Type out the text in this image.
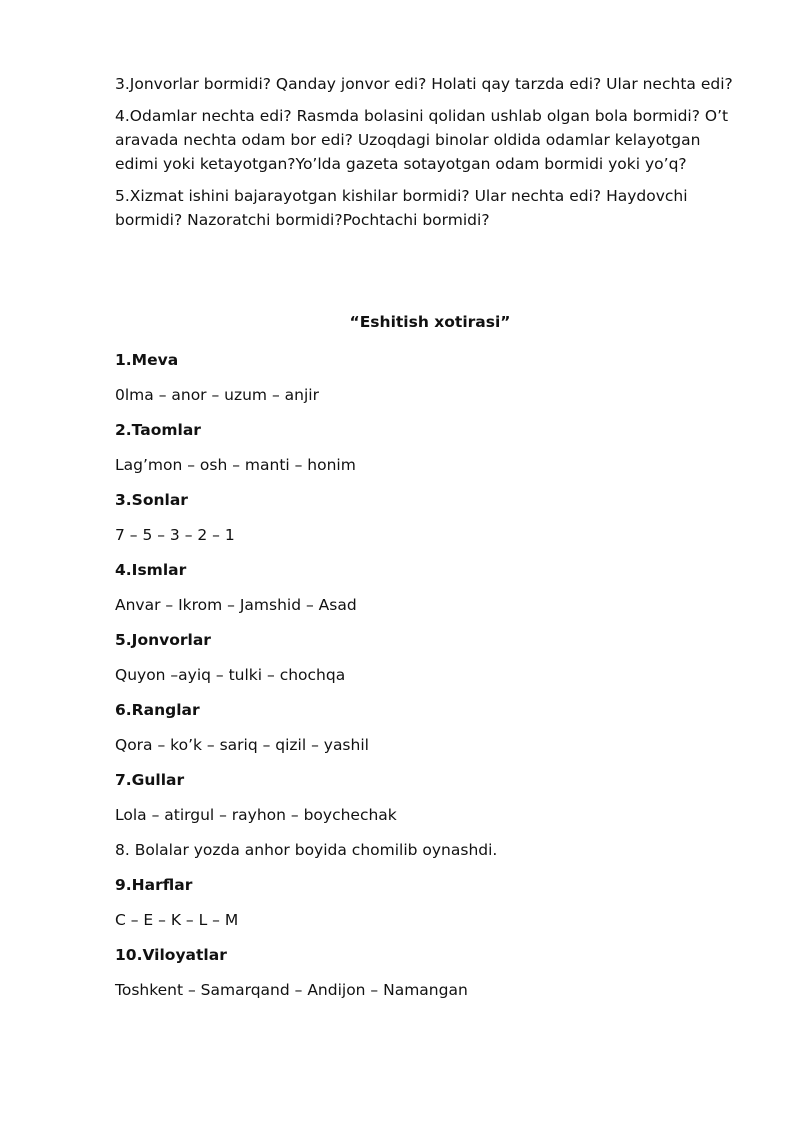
3.Jonvorlar bormidi? Qanday jonvor edi? Holati qay tarzda edi? Ular nechta edi?

4.Odamlar nechta edi? Rasmda bolasini qolidan ushlab olgan bola bormidi? O’t aravada nechta odam bor edi? Uzoqdagi binolar oldida odamlar kelayotgan edimi yoki ketayotgan?Yo’lda gazeta sotayotgan odam bormidi yoki yo’q?

5.Xizmat ishini bajarayotgan kishilar bormidi? Ular nechta edi? Haydovchi bormidi? Nazoratchi bormidi?Pochtachi bormidi?

“Eshitish xotirasi”

1.Meva

0lma – anor – uzum – anjir

2.Taomlar

Lag’mon – osh – manti – honim

3.Sonlar

7 – 5 – 3 – 2 – 1

4.Ismlar

Anvar – Ikrom – Jamshid – Asad

5.Jonvorlar

Quyon –ayiq – tulki – chochqa

6.Ranglar

Qora – ko’k – sariq – qizil – yashil

7.Gullar

Lola – atirgul – rayhon – boychechak

8. Bolalar yozda anhor boyida chomilib oynashdi.

9.Harflar

C – E – K – L – M

10.Viloyatlar

Toshkent – Samarqand – Andijon – Namangan
